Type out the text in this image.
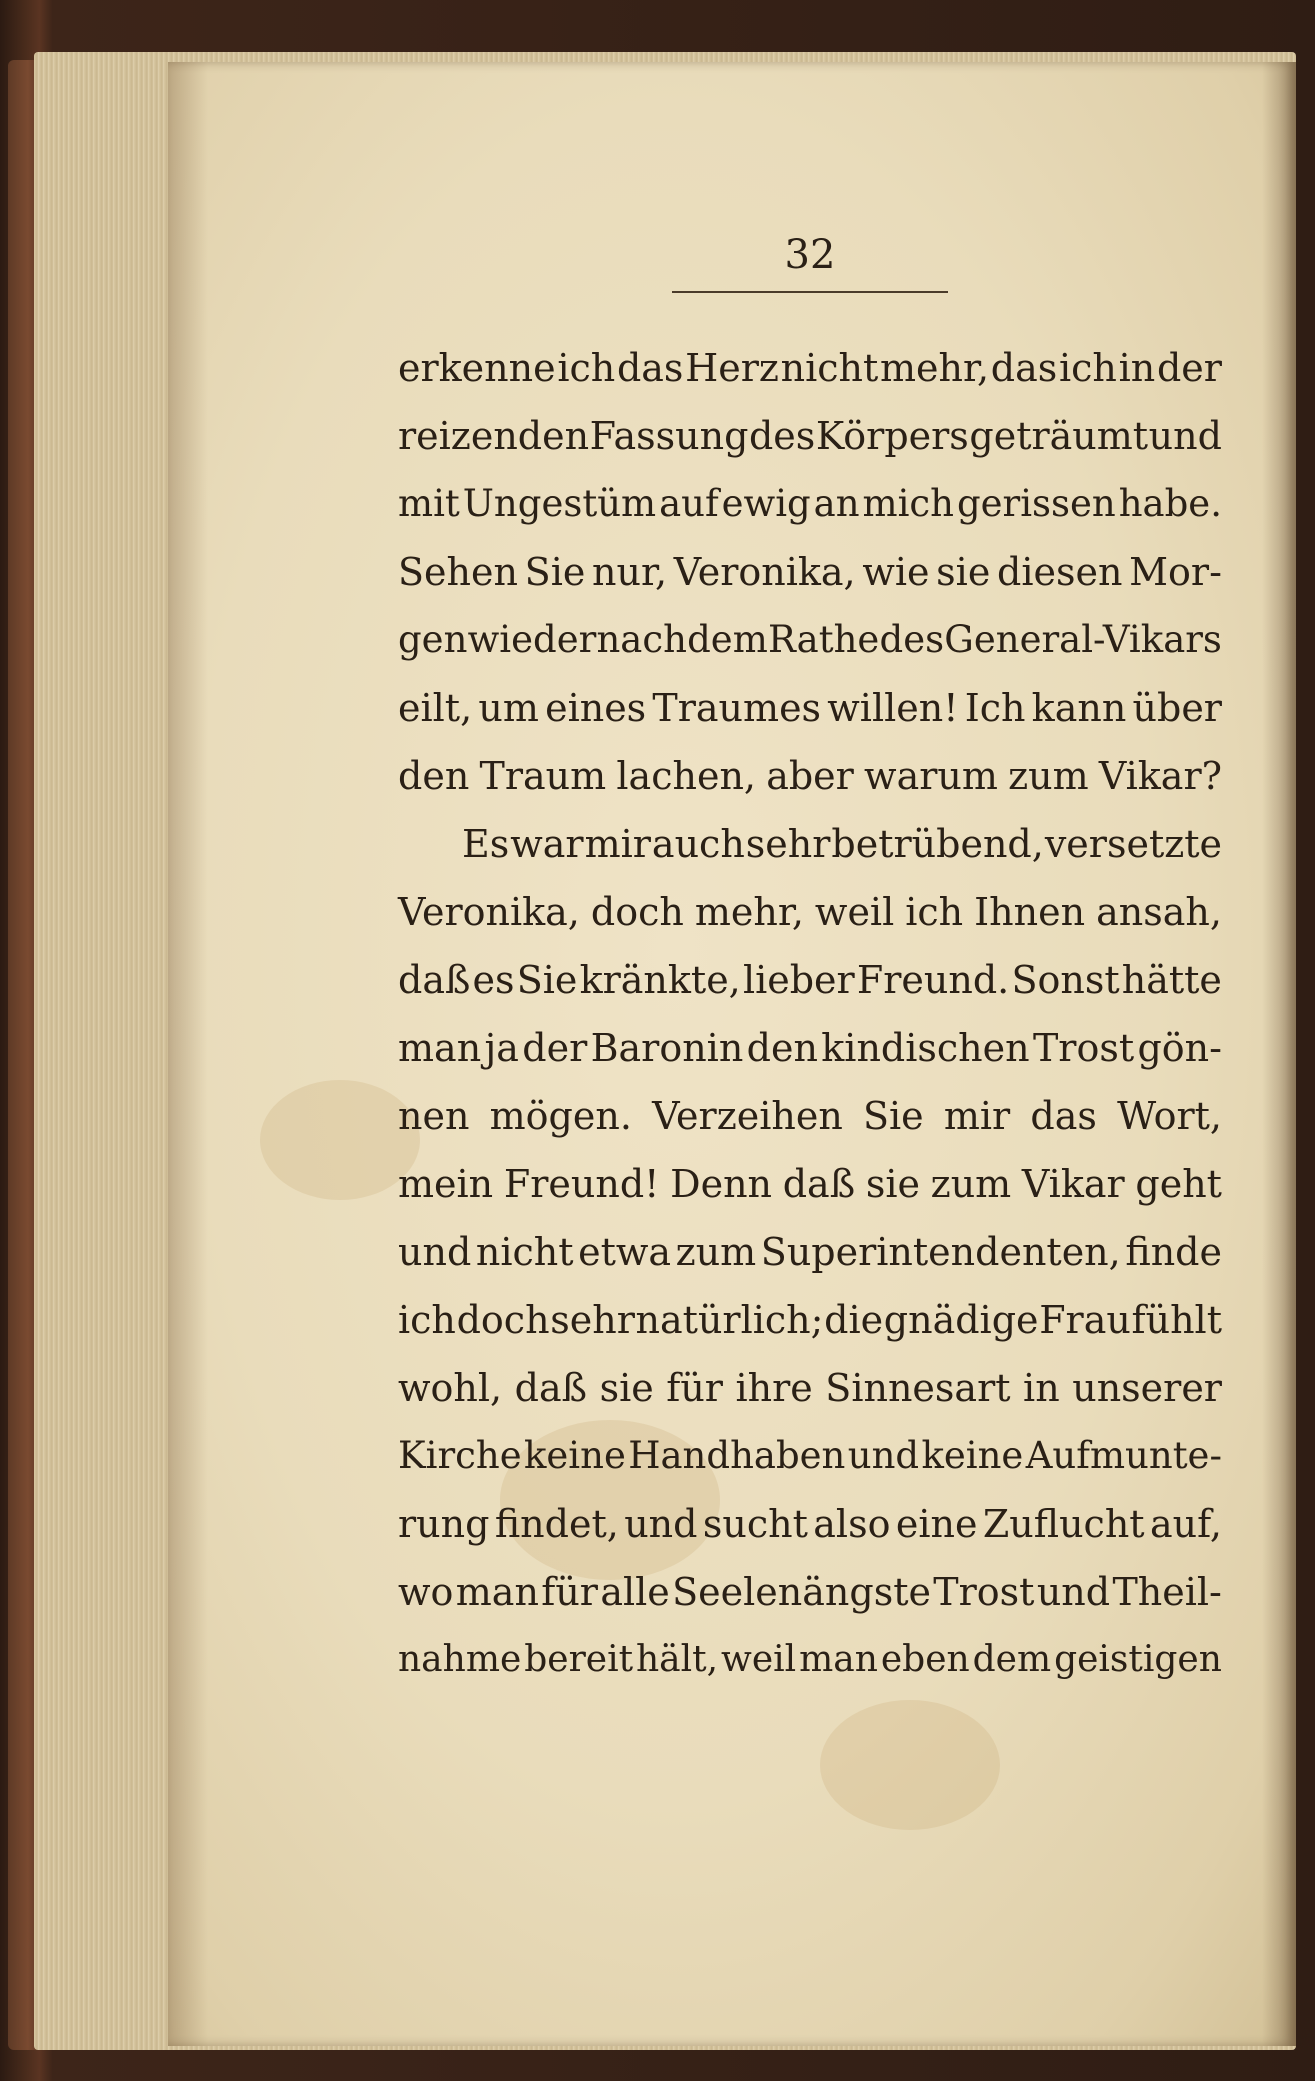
32
erkenne ich das Herz nicht mehr, das ich in der
reizenden Fassung des Körpers geträumt und
mit Ungestüm auf ewig an mich gerissen habe.
Sehen Sie nur, Veronika, wie sie diesen Mor-
gen wieder nach dem Rathe des General-Vikars
eilt, um eines Traumes willen! Ich kann über
den Traum lachen, aber warum zum Vikar?
Es war mir auch sehr betrübend, versetzte
Veronika, doch mehr, weil ich Ihnen ansah,
daß es Sie kränkte, lieber Freund. Sonst hätte
man ja der Baronin den kindischen Trost gön-
nen mögen. Verzeihen Sie mir das Wort,
mein Freund! Denn daß sie zum Vikar geht
und nicht etwa zum Superintendenten, finde
ich doch sehr natürlich; die gnädige Frau fühlt
wohl, daß sie für ihre Sinnesart in unserer
Kirche keine Handhaben und keine Aufmunte-
rung findet, und sucht also eine Zuflucht auf,
wo man für alle Seelenängste Trost und Theil-
nahme bereit hält, weil man eben dem geistigen
